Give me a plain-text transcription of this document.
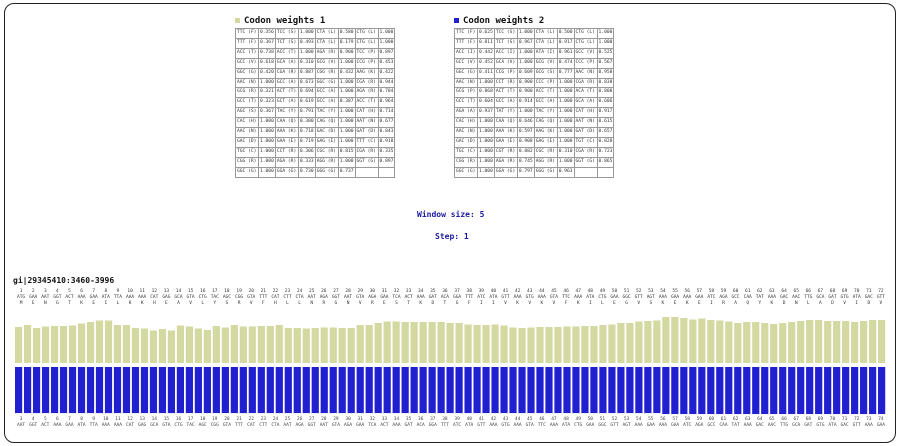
Codon weights 1	Codon weights 2
TTC (F)	0.356	TCC (S)	1.000	CTA (L)	0.580	CTG (L)	1.000
TTT (F)	0.367	TCT (S)	0.493	CTA (L)	0.179	CTG (L)	1.000
ACC (T)	0.738	ACC (T)	1.000	AGA (R)	0.900	TCC (P)	0.897
GCC (V)	0.618	GCA (A)	0.310	GCG (V)	1.000	CCG (P)	0.453
GGC (G)	0.420	CGA (R)	0.887	CGG (R)	0.432	AAG (K)	0.422
AAC (N)	1.000	GCC (A)	0.673	GGC (G)	1.000	CGA (R)	0.944
GCG (R)	0.321	ACT (T)	0.694	GCC (A)	1.000	AGA (R)	0.784
GCC (T)	0.323	GCT (A)	0.619	GCC (A)	0.387	ACC (T)	0.964
AGC (S)	0.367	TAC (Y)	0.791	TAC (Y)	1.000	CAT (H)	0.714
CAC (H)	1.000	CAA (Q)	0.300	CAG (Q)	1.000	AAT (N)	0.677
AAC (N)	1.000	AAA (K)	0.718	GAC (D)	1.000	GAT (D)	0.843
GAC (D)	1.000	GAA (E)	0.719	GAG (E)	1.000	TTT (C)	0.918
TGC (C)	1.000	CCT (R)	0.306	CGC (R)	0.815	CGA (R)	0.335
CGG (R)	1.000	AGA (R)	0.333	AGG (R)	1.000	GGT (G)	0.897
GGC (G)	1.000	GGA (G)	0.730	GGG (G)	0.737		
TTC (F)	0.625	TCC (S)	1.000	CTA (L)	0.500	CTG (L)	1.000
TTT (F)	0.811	TCT (S)	0.967	CTA (L)	0.917	CTG (L)	1.000
ACC (I)	0.442	ACC (I)	1.000	ATA (I)	0.961	GCC (V)	0.525
GCC (V)	0.452	GCA (V)	1.000	GCG (V)	0.474	CCC (P)	0.567
GGC (G)	0.411	CCG (P)	0.609	GCG (S)	0.777	AAC (N)	0.958
AAC (N)	1.000	CCT (R)	0.900	CCC (P)	1.000	CGA (R)	0.838
GCG (P)	0.868	ACT (T)	0.900	ACC (T)	1.000	ACA (T)	0.808
GCC (T)	0.604	GCC (A)	0.914	GCC (A)	1.000	GCA (A)	0.606
AGA (A)	0.937	TAT (Y)	1.000	TAC (Y)	1.000	CAT (H)	0.917
CAC (H)	1.000	CAA (Q)	0.646	CAG (Q)	1.000	AAT (N)	0.615
AAC (N)	1.000	AAA (K)	0.597	AAG (K)	1.000	GAT (D)	0.657
GAC (D)	1.000	GAA (E)	0.908	GAG (E)	1.000	TGT (C)	0.828
TGC (C)	1.000	CGT (R)	0.882	CGC (R)	0.310	CGA (R)	0.723
CGG (R)	1.000	AGA (R)	0.745	AGG (R)	1.000	GGT (G)	0.865
GGC (G)	1.000	GGA (G)	0.797	GGG (G)	0.963		
Window size: 5
Step: 1
gi|29345410:3460-3996
1 2 3 4 5 6 7 8 9 10 11 12 13 14 15 16 17 18 19 20 21 22 23 24 25 26 27 28 29 30 31 32 33 34 35 36 37 38 39 40 41 42 43 44 45 46 47 48 49 50 51 52 53 54 55 56 57 58 59 60 61 62 63 64 65 66 67 68 69 70 71 72
ATG GAA AAT GGT ACT AAA GAA ATA TTA AAA AAA CAT GAG GCA GTA CTG TAC AGC CGG GTA TTT CAT CTT CTA AAT AGA GGT AAT GTA AGA GAA TCA ACT AAA GAT ACA GGA TTT ATC ATA GTT AAA GTG AAA GTA TTC AAA ATA CTG GAA GGC GTT AGT AAA GAA AAA GAA ATC AGA GCC CAA TAT AAA GAC AAC TTG GCA GAT GTG ATA GAC GTT
M E N G T K E I L K K H E A V L Y S R V F H L L N R G N V R E S T K D T G F I I V K V K V F K I L E G V S K E K E I R A Q Y K D N L A D V I D V
3 4 5 6 7 8 9 10 11 12 13 14 15 16 17 18 19 20 21 22 23 24 25 26 27 28 29 30 31 32 33 34 35 36 37 38 39 40 41 42 43 44 45 46 47 48 49 50 51 52 53 54 55 56 57 58 59 60 61 62 63 64 65 66 67 68 69 70 71 72 73 74
AAT GGT ACT AAA GAA ATA TTA AAA AAA CAT GAG GCA GTA CTG TAC AGC CGG GTA TTT CAT CTT CTA AAT AGA GGT AAT GTA AGA GAA TCA ACT AAA GAT ACA GGA TTT ATC ATA GTT AAA GTG AAA GTA TTC AAA ATA CTG GAA GGC GTT AGT AAA GAA AAA GAA ATC AGA GCC CAA TAT AAA GAC AAC TTG GCA GAT GTG ATA GAC GTT AAA GAA
